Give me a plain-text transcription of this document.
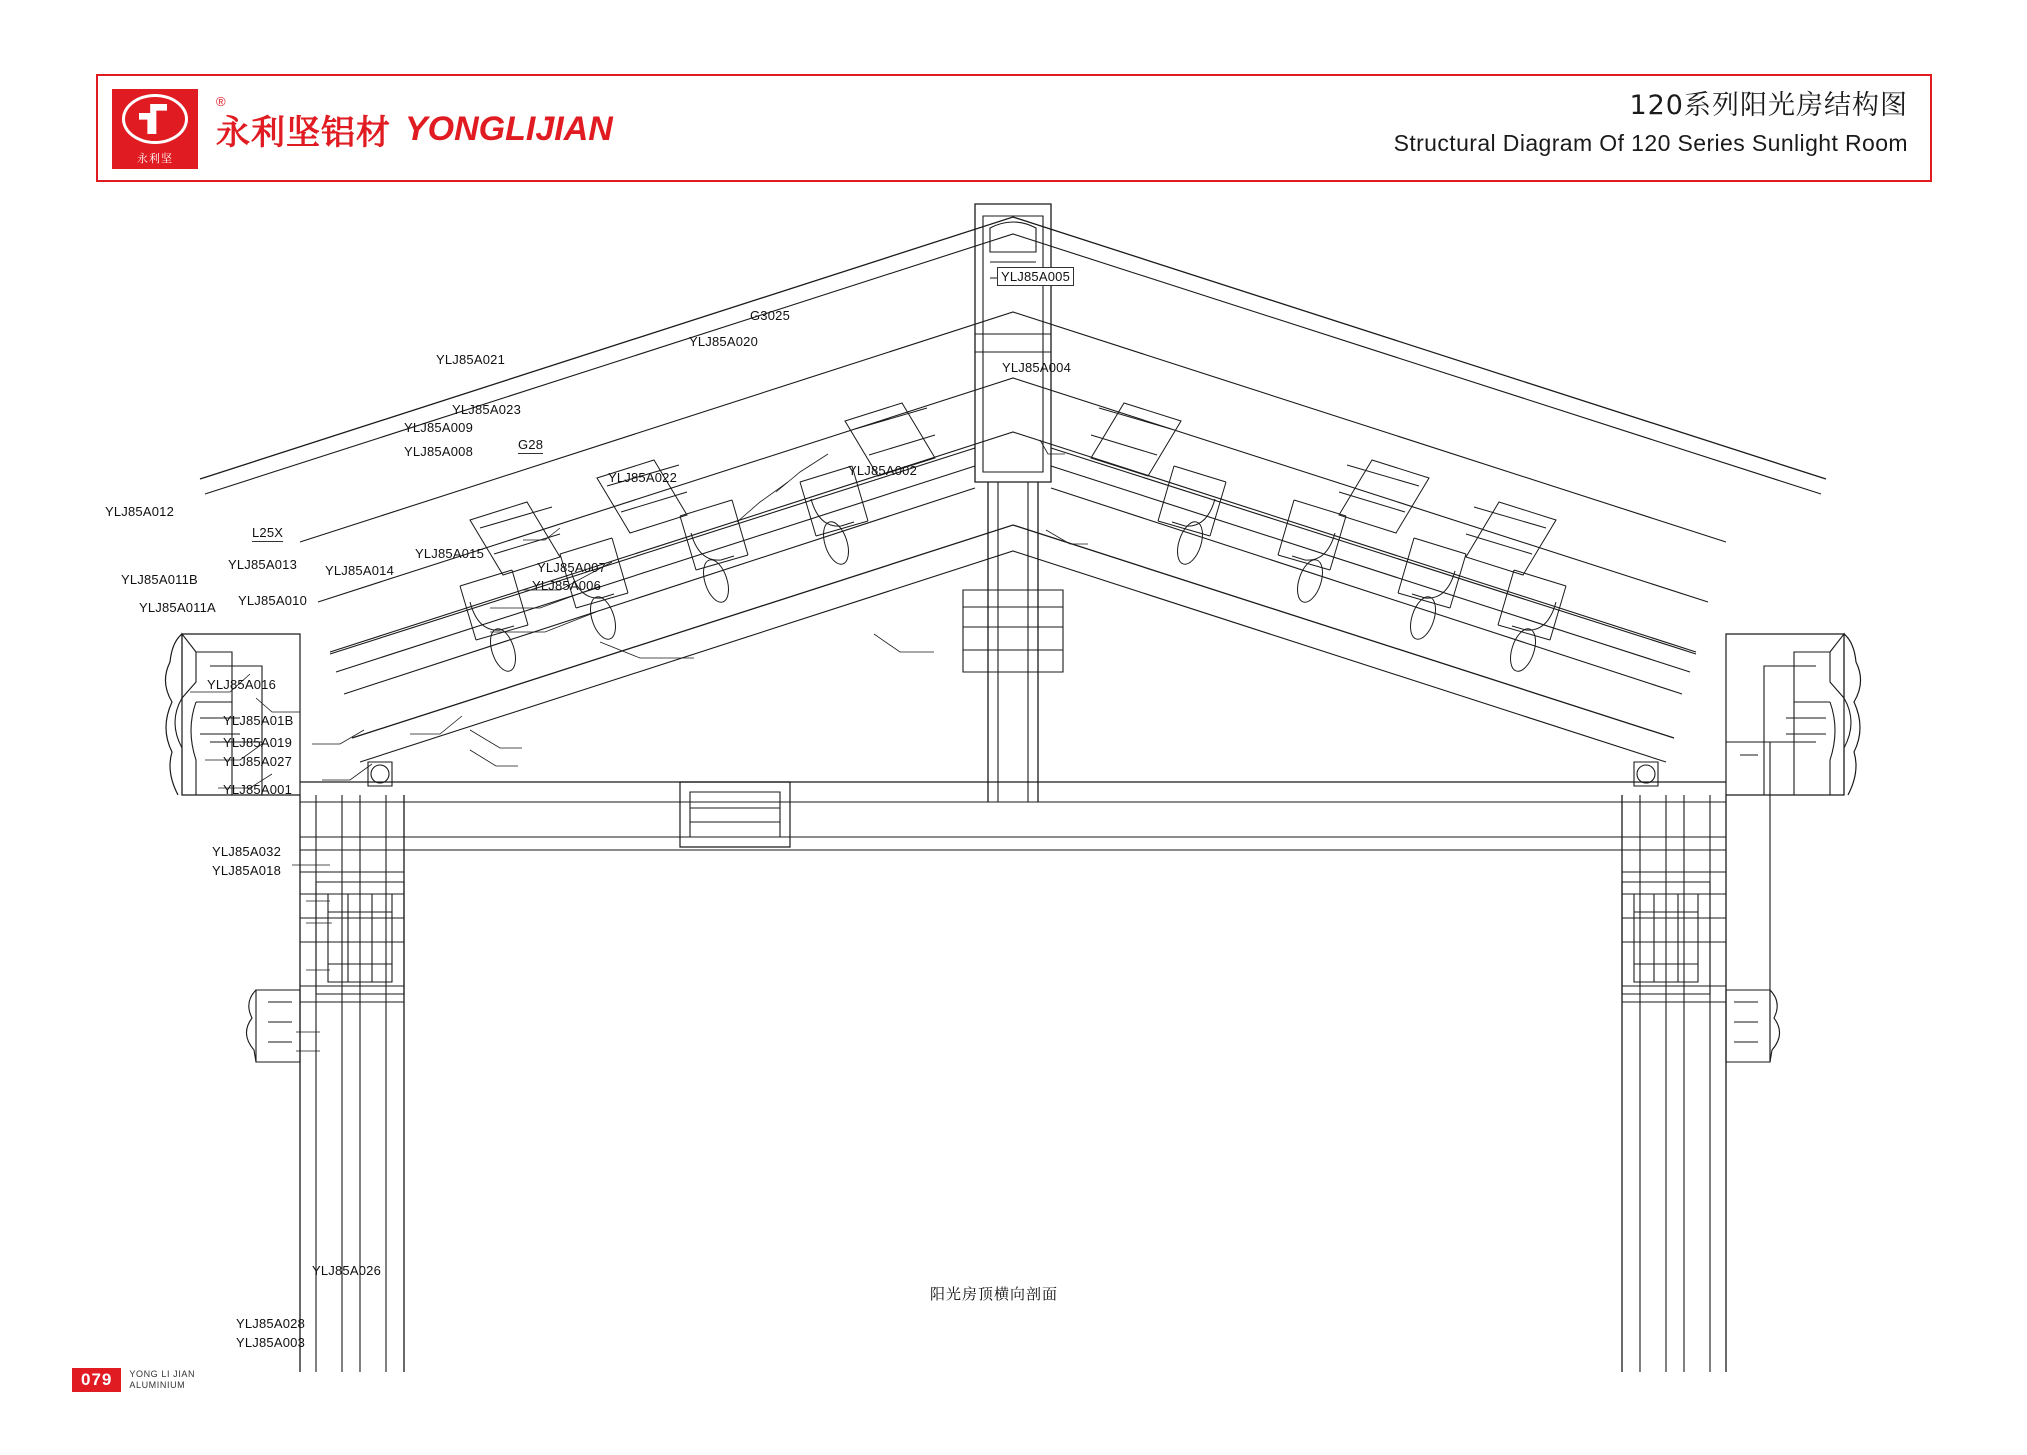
永利坚
®
永利坚铝材 YONGLIJIAN
120系列阳光房结构图
Structural Diagram Of 120 Series Sunlight Room
YLJ85A005
G3025
YLJ85A020
YLJ85A004
YLJ85A021
YLJ85A023
YLJ85A009
G28
YLJ85A008
YLJ85A022	YLJ85A002
YLJ85A012
L25X
YLJ85A013 YLJ85A014
YLJ85A015
YLJ85A007
YLJ85A011B
YLJ85A010
YLJ85A006
YLJ85A011A
YLJ85A016
YLJ85A01B
YLJ85A019
YLJ85A027
YLJ85A001
YLJ85A032
YLJ85A018
YLJ85A026
YLJ85A028
YLJ85A003
阳光房顶横向剖面
079	YONG LI JIAN
ALUMINIUM
